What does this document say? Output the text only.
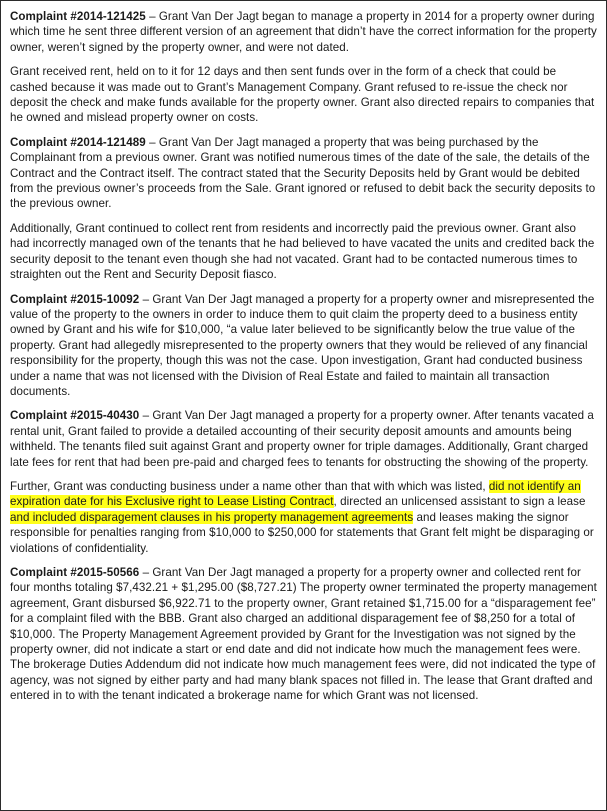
Complaint #2014-121425 – Grant Van Der Jagt began to manage a property in 2014 for a property owner during which time he sent three different version of an agreement that didn’t have the correct information for the property owner, weren’t signed by the property owner, and were not dated.

Grant received rent, held on to it for 12 days and then sent funds over in the form of a check that could be cashed because it was made out to Grant’s Management Company. Grant refused to re-issue the check nor deposit the check and make funds available for the property owner. Grant also directed repairs to companies that he owned and mislead property owner on costs.

Complaint #2014-121489 – Grant Van Der Jagt managed a property that was being purchased by the Complainant from a previous owner. Grant was notified numerous times of the date of the sale, the details of the Contract and the Contract itself. The contract stated that the Security Deposits held by Grant would be debited from the previous owner’s proceeds from the Sale. Grant ignored or refused to debit back the security deposits to the previous owner.

Additionally, Grant continued to collect rent from residents and incorrectly paid the previous owner. Grant also had incorrectly managed own of the tenants that he had believed to have vacated the units and credited back the security deposit to the tenant even though she had not vacated. Grant had to be contacted numerous times to straighten out the Rent and Security Deposit fiasco.

Complaint #2015-10092 – Grant Van Der Jagt managed a property for a property owner and misrepresented the value of the property to the owners in order to induce them to quit claim the property deed to a business entity owned by Grant and his wife for $10,000, “a value later believed to be significantly below the true value of the property. Grant had allegedly misrepresented to the property owners that they would be relieved of any financial responsibility for the property, though this was not the case. Upon investigation, Grant had conducted business under a name that was not licensed with the Division of Real Estate and failed to maintain all transaction documents.

Complaint #2015-40430 – Grant Van Der Jagt managed a property for a property owner. After tenants vacated a rental unit, Grant failed to provide a detailed accounting of their security deposit amounts and amounts being withheld. The tenants filed suit against Grant and property owner for triple damages. Additionally, Grant charged late fees for rent that had been pre-paid and charged fees to tenants for obstructing the showing of the property.

Further, Grant was conducting business under a name other than that with which was listed, did not identify an expiration date for his Exclusive right to Lease Listing Contract, directed an unlicensed assistant to sign a lease and included disparagement clauses in his property management agreements and leases making the signor responsible for penalties ranging from $10,000 to $250,000 for statements that Grant felt might be disparaging or violations of confidentiality.

Complaint #2015-50566 – Grant Van Der Jagt managed a property for a property owner and collected rent for four months totaling $7,432.21 + $1,295.00 ($8,727.21) The property owner terminated the property management agreement, Grant disbursed $6,922.71 to the property owner, Grant retained $1,715.00 for a “disparagement fee” for a complaint filed with the BBB. Grant also charged an additional disparagement fee of $8,250 for a total of $10,000. The Property Management Agreement provided by Grant for the Investigation was not signed by the property owner, did not indicate a start or end date and did not indicate how much the management fees were. The brokerage Duties Addendum did not indicate how much management fees were, did not indicated the type of agency, was not signed by either party and had many blank spaces not filled in. The lease that Grant drafted and entered in to with the tenant indicated a brokerage name for which Grant was not licensed.
